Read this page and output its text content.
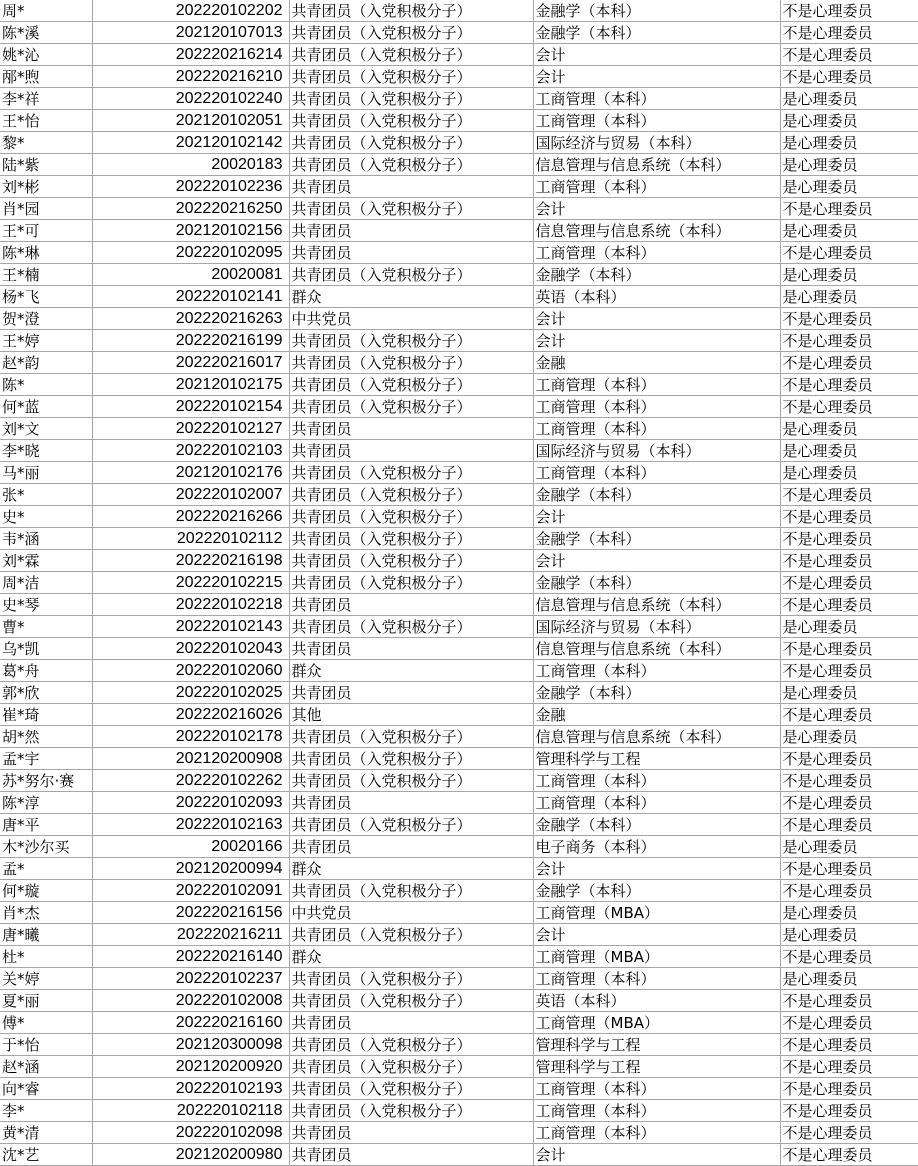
周*	202220102202	共青团员（入党积极分子）	金融学（本科）	不是心理委员
陈*溪	202120107013	共青团员（入党积极分子）	金融学（本科）	不是心理委员
姚*沁	202220216214	共青团员（入党积极分子）	会计	不是心理委员
邴*煦	202220216210	共青团员（入党积极分子）	会计	不是心理委员
李*祥	202220102240	共青团员（入党积极分子）	工商管理（本科）	是心理委员
王*怡	202120102051	共青团员（入党积极分子）	工商管理（本科）	是心理委员
黎*	202120102142	共青团员（入党积极分子）	国际经济与贸易（本科）	是心理委员
陆*紫	20020183	共青团员（入党积极分子）	信息管理与信息系统（本科）	是心理委员
刘*彬	202220102236	共青团员	工商管理（本科）	是心理委员
肖*园	202220216250	共青团员（入党积极分子）	会计	不是心理委员
王*可	202120102156	共青团员	信息管理与信息系统（本科）	是心理委员
陈*琳	202220102095	共青团员	工商管理（本科）	不是心理委员
王*楠	20020081	共青团员（入党积极分子）	金融学（本科）	是心理委员
杨*飞	202220102141	群众	英语（本科）	是心理委员
贺*澄	202220216263	中共党员	会计	不是心理委员
王*婷	202220216199	共青团员（入党积极分子）	会计	不是心理委员
赵*韵	202220216017	共青团员（入党积极分子）	金融	不是心理委员
陈*	202120102175	共青团员（入党积极分子）	工商管理（本科）	不是心理委员
何*蓝	202220102154	共青团员（入党积极分子）	工商管理（本科）	不是心理委员
刘*文	202220102127	共青团员	工商管理（本科）	是心理委员
李*晓	202220102103	共青团员	国际经济与贸易（本科）	是心理委员
马*丽	202120102176	共青团员（入党积极分子）	工商管理（本科）	是心理委员
张*	202220102007	共青团员（入党积极分子）	金融学（本科）	不是心理委员
史*	202220216266	共青团员（入党积极分子）	会计	不是心理委员
韦*涵	202220102112	共青团员（入党积极分子）	金融学（本科）	不是心理委员
刘*霖	202220216198	共青团员（入党积极分子）	会计	不是心理委员
周*洁	202220102215	共青团员（入党积极分子）	金融学（本科）	不是心理委员
史*琴	202220102218	共青团员	信息管理与信息系统（本科）	不是心理委员
曹*	202220102143	共青团员（入党积极分子）	国际经济与贸易（本科）	是心理委员
乌*凯	202220102043	共青团员	信息管理与信息系统（本科）	不是心理委员
葛*舟	202220102060	群众	工商管理（本科）	不是心理委员
郭*欣	202220102025	共青团员	金融学（本科）	是心理委员
崔*琦	202220216026	其他	金融	不是心理委员
胡*然	202220102178	共青团员（入党积极分子）	信息管理与信息系统（本科）	是心理委员
孟*宇	202120200908	共青团员（入党积极分子）	管理科学与工程	不是心理委员
苏*努尔·赛	202220102262	共青团员（入党积极分子）	工商管理（本科）	不是心理委员
陈*淳	202220102093	共青团员	工商管理（本科）	不是心理委员
唐*平	202220102163	共青团员（入党积极分子）	金融学（本科）	不是心理委员
木*沙尔买	20020166	共青团员	电子商务（本科）	是心理委员
孟*	202120200994	群众	会计	不是心理委员
何*璇	202220102091	共青团员（入党积极分子）	金融学（本科）	不是心理委员
肖*杰	202220216156	中共党员	工商管理（MBA）	是心理委员
唐*曦	202220216211	共青团员（入党积极分子）	会计	是心理委员
杜*	202220216140	群众	工商管理（MBA）	不是心理委员
关*婷	202220102237	共青团员（入党积极分子）	工商管理（本科）	是心理委员
夏*丽	202220102008	共青团员（入党积极分子）	英语（本科）	不是心理委员
傅*	202220216160	共青团员	工商管理（MBA）	不是心理委员
于*怡	202120300098	共青团员（入党积极分子）	管理科学与工程	不是心理委员
赵*涵	202120200920	共青团员（入党积极分子）	管理科学与工程	不是心理委员
向*睿	202220102193	共青团员（入党积极分子）	工商管理（本科）	不是心理委员
李*	202220102118	共青团员（入党积极分子）	工商管理（本科）	不是心理委员
黄*清	202220102098	共青团员	工商管理（本科）	不是心理委员
沈*艺	202120200980	共青团员	会计	不是心理委员
